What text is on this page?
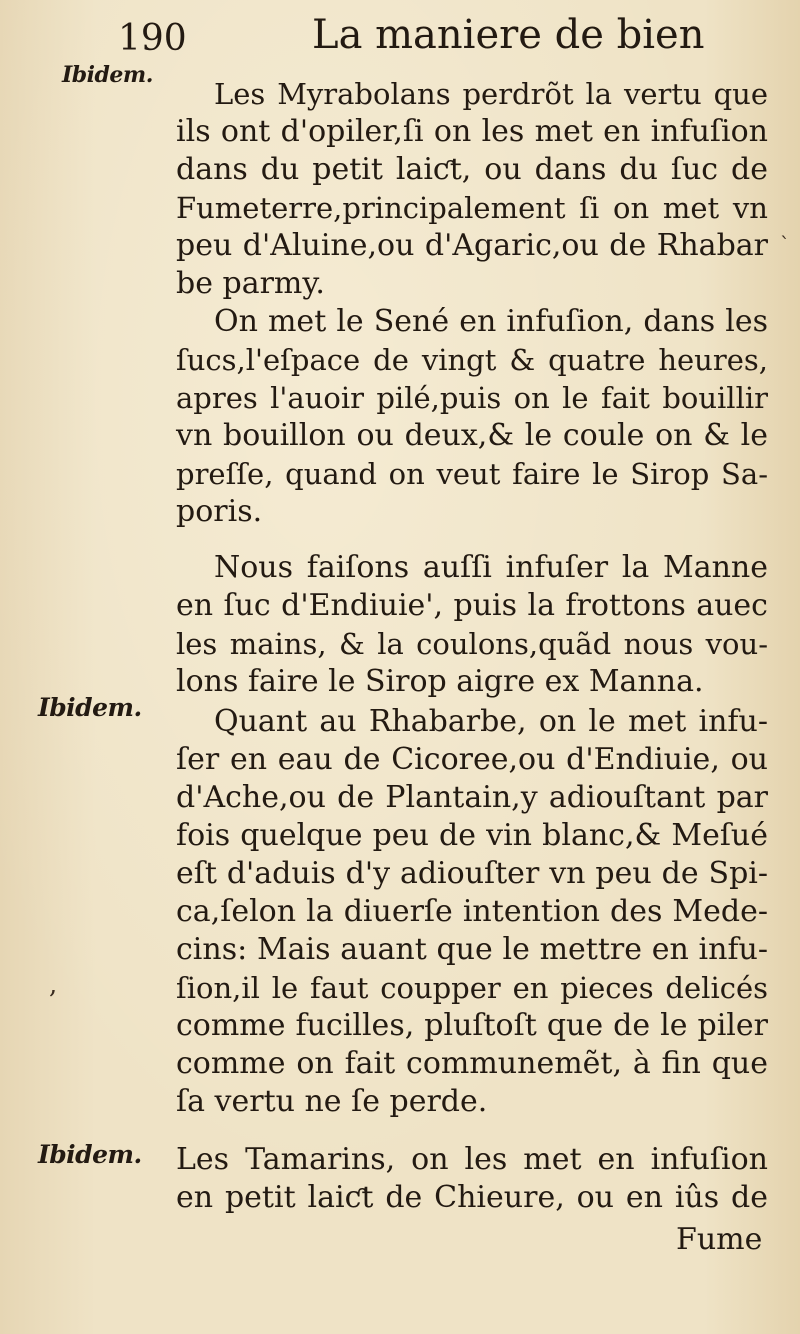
190	La maniere de bien
Ibidem.
Ibidem.
Ibidem.
`
,
Les Myrabolans perdrõt la vertu que
ils ont d'opiler,ſi on les met en infuſion
dans du petit laiƈt, ou dans du ſuc de
Fumeterre,principalement ſi on met vn
peu d'Aluine,ou d'Agaric,ou de Rhabar
be parmy.
On met le Sené en infuſion, dans les
ſucs,l'eſpace de vingt & quatre heures,
apres l'auoir pilé,puis on le fait bouillir
vn bouillon ou deux,& le coule on & le
preſſe, quand on veut faire le Sirop Sa-
poris.
Nous faiſons auſſi infuſer la Manne
en ſuc d'Endiuie', puis la frottons auec
les mains, & la coulons,quãd nous vou-
lons faire le Sirop aigre ex Manna.
Quant au Rhabarbe, on le met infu-
ſer en eau de Cicoree,ou d'Endiuie, ou
d'Ache,ou de Plantain,y adiouſtant par
fois quelque peu de vin blanc,& Meſué
eſt d'aduis d'y adiouſter vn peu de Spi-
ca,ſelon la diuerſe intention des Mede-
cins: Mais auant que le mettre en infu-
ſion,il le faut coupper en pieces delicés
comme fucilles, pluſtoſt que de le piler
comme on fait communemẽt, à fin que
ſa vertu ne ſe perde.
Les Tamarins, on les met en infuſion
en petit laiƈt de Chieure, ou en iûs de
Fume
